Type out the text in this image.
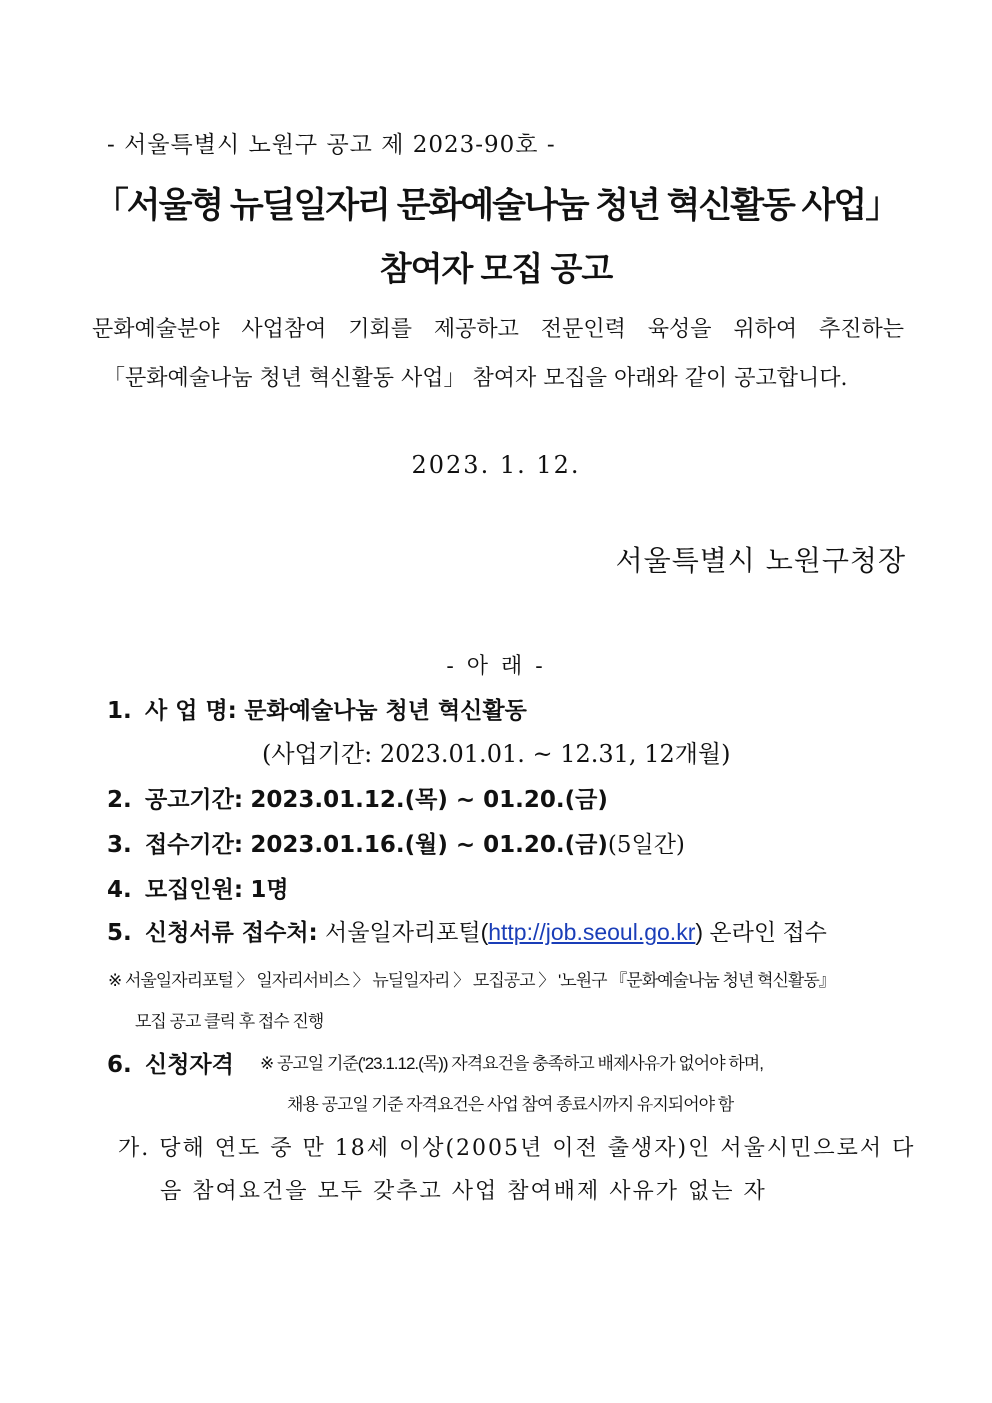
- 서울특별시 노원구 공고 제 2023-90호 -
「서울형 뉴딜일자리 문화예술나눔 청년 혁신활동 사업」
참여자 모집 공고
문화예술분야 사업참여 기회를 제공하고 전문인력 육성을 위하여 추진하는
「문화예술나눔 청년 혁신활동 사업」 참여자 모집을 아래와 같이 공고합니다.
2023. 1. 12.
서울특별시 노원구청장
- 아 래 -
1. 사 업 명: 문화예술나눔 청년 혁신활동
(사업기간: 2023.01.01. ~ 12.31, 12개월)
2. 공고기간: 2023.01.12.(목) ~ 01.20.(금)
3. 접수기간: 2023.01.16.(월) ~ 01.20.(금)(5일간)
4. 모집인원: 1명
5. 신청서류 접수처: 서울일자리포털(http://job.seoul.go.kr) 온라인 접수
※ 서울일자리포털 〉 일자리서비스 〉 뉴딜일자리 〉 모집공고 〉 '노원구 『문화예술나눔 청년 혁신활동』
모집 공고 클릭 후 접수 진행
6. 신청자격 ※ 공고일 기준('23.1.12.(목)) 자격요건을 충족하고 배제사유가 없어야 하며,
채용 공고일 기준 자격요건은 사업 참여 종료시까지 유지되어야 함
가. 당해 연도 중 만 18세 이상(2005년 이전 출생자)인 서울시민으로서 다
음 참여요건을 모두 갖추고 사업 참여배제 사유가 없는 자
